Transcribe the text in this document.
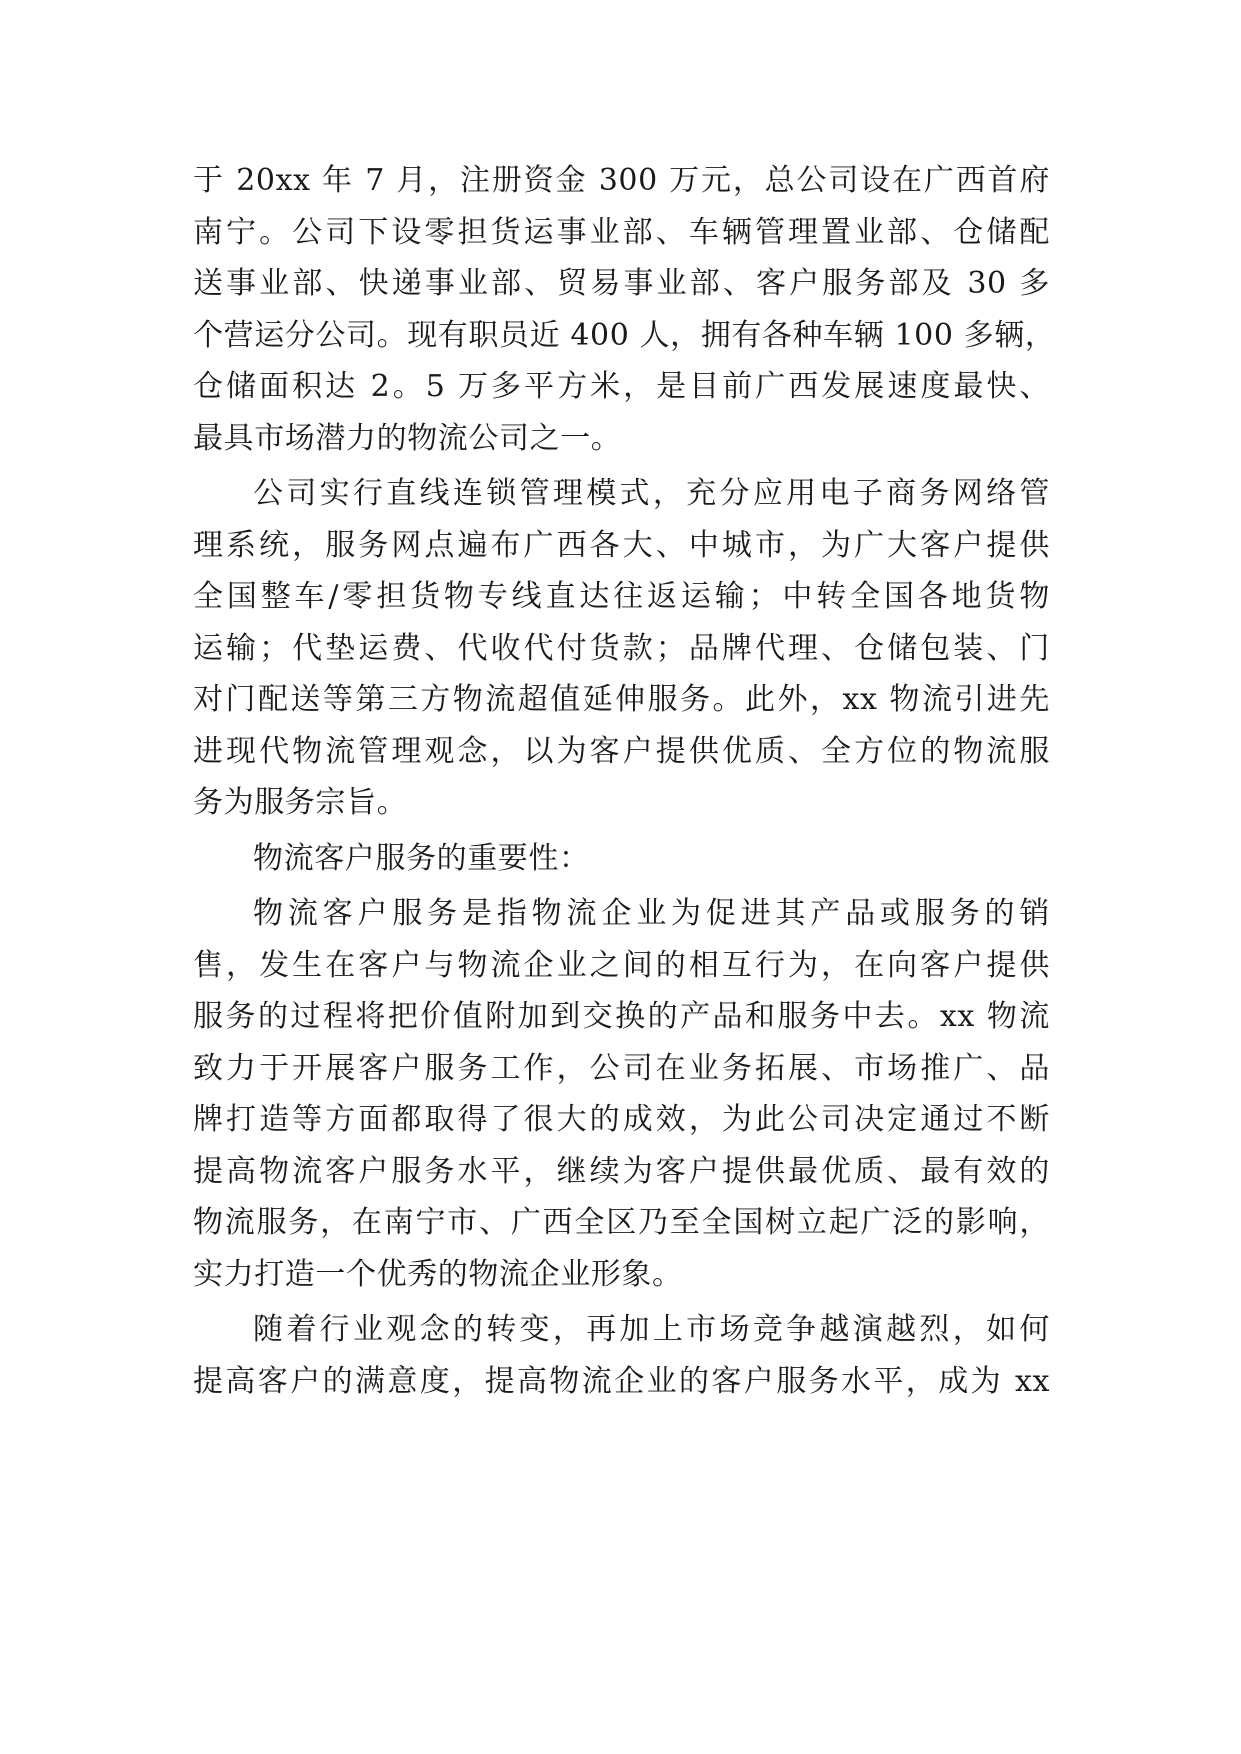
于 20xx 年 7 月，注册资金 300 万元，总公司设在广西首府
南宁。公司下设零担货运事业部、车辆管理置业部、仓储配
送事业部、快递事业部、贸易事业部、客户服务部及 30 多
个营运分公司。现有职员近 400 人，拥有各种车辆 100 多辆，
仓储面积达 2。5 万多平方米，是目前广西发展速度最快、
最具市场潜力的物流公司之一。
公司实行直线连锁管理模式，充分应用电子商务网络管
理系统，服务网点遍布广西各大、中城市，为广大客户提供
全国整车/零担货物专线直达往返运输；中转全国各地货物
运输；代垫运费、代收代付货款；品牌代理、仓储包装、门
对门配送等第三方物流超值延伸服务。此外，xx 物流引进先
进现代物流管理观念，以为客户提供优质、全方位的物流服
务为服务宗旨。
物流客户服务的重要性：
物流客户服务是指物流企业为促进其产品或服务的销
售，发生在客户与物流企业之间的相互行为，在向客户提供
服务的过程将把价值附加到交换的产品和服务中去。xx 物流
致力于开展客户服务工作，公司在业务拓展、市场推广、品
牌打造等方面都取得了很大的成效，为此公司决定通过不断
提高物流客户服务水平，继续为客户提供最优质、最有效的
物流服务，在南宁市、广西全区乃至全国树立起广泛的影响，
实力打造一个优秀的物流企业形象。
随着行业观念的转变，再加上市场竞争越演越烈，如何
提高客户的满意度，提高物流企业的客户服务水平，成为 xx
